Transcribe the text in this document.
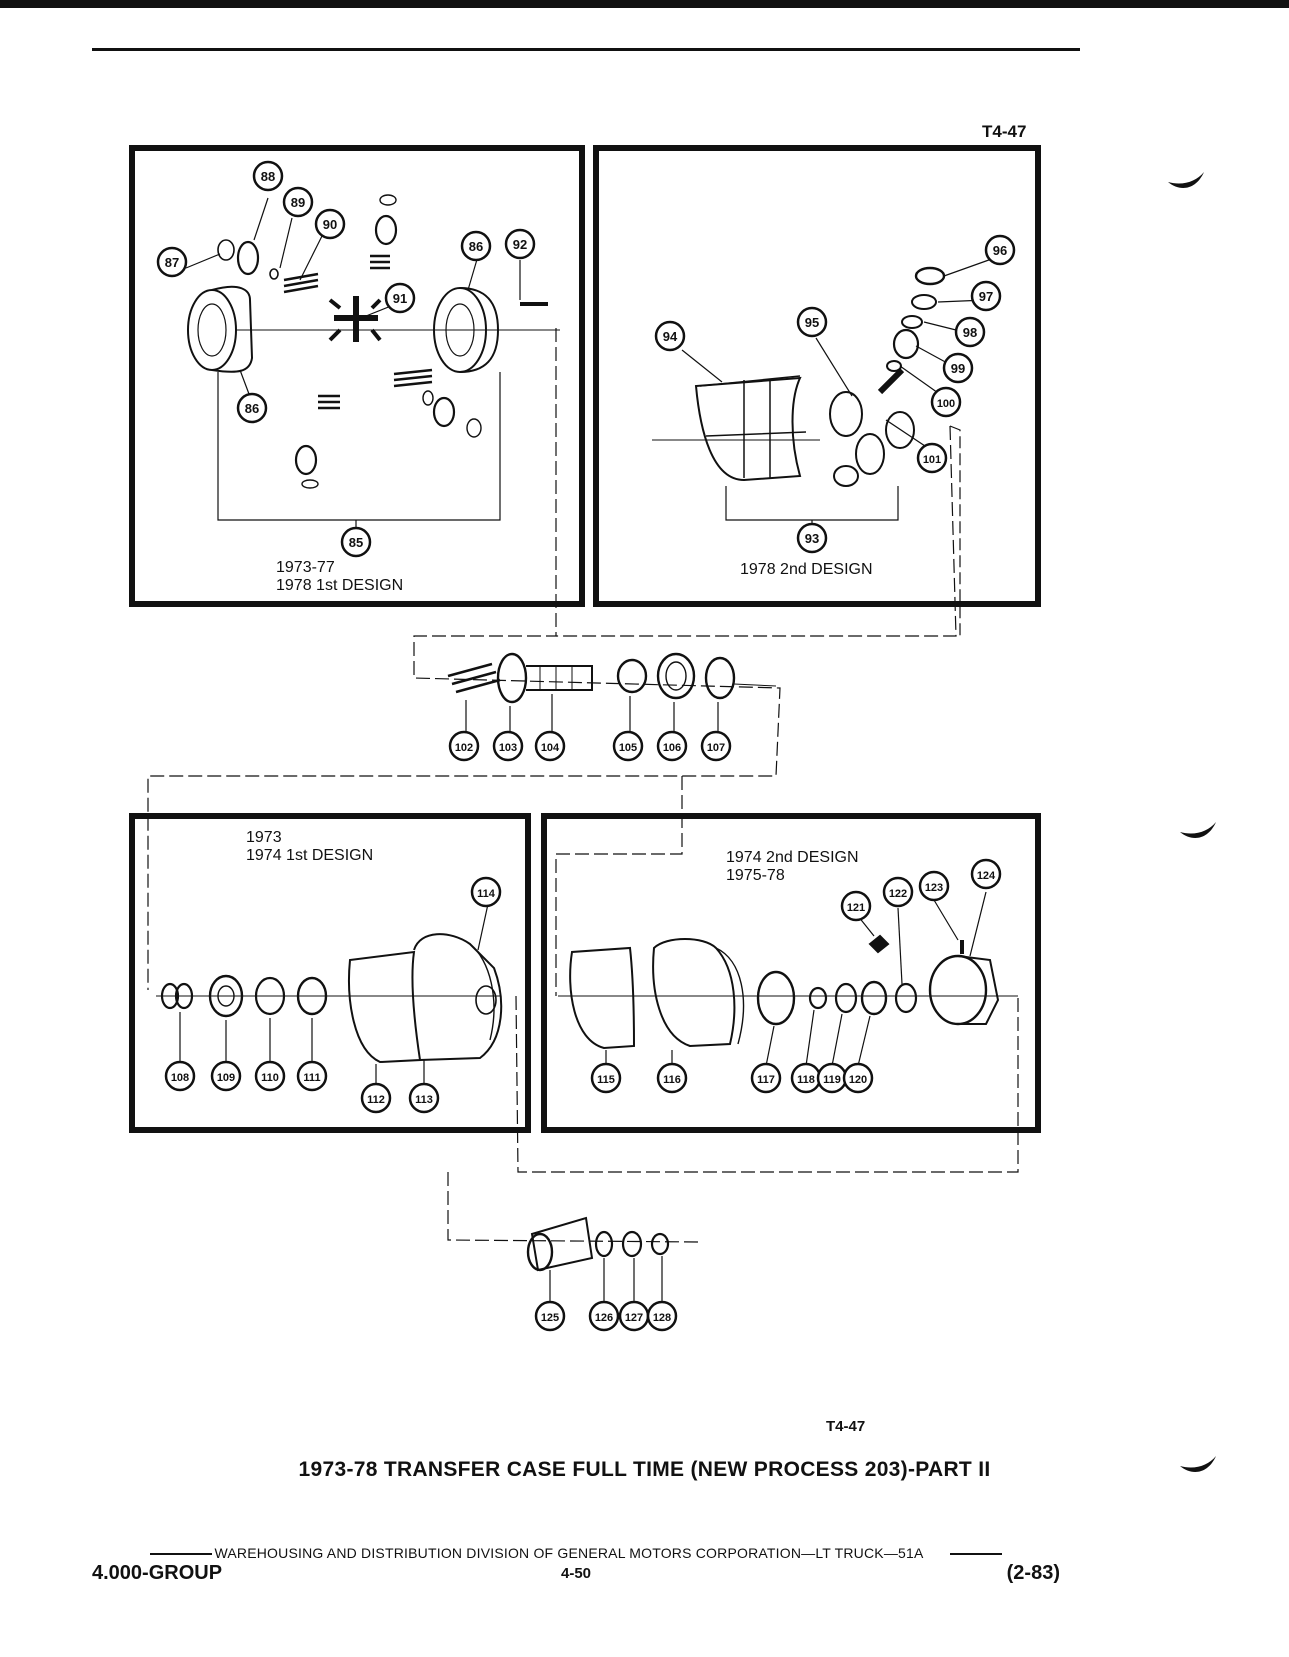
T4-47
1973-77
1978 1st DESIGN
1978 2nd DESIGN
1973
1974 1st DESIGN	1974 2nd DESIGN
1975-78
88
89
90
87
86 92
91
86
85
96
97
95
94	98
99
100
101
93
102 103 104	105 106 107
114
108	109 110 111
112	113
124
123
122
121
115	116	117 118 119 120
125	126 127 128
T4-47
1973-78 TRANSFER CASE FULL TIME (NEW PROCESS 203)-PART II
WAREHOUSING AND DISTRIBUTION DIVISION OF GENERAL MOTORS CORPORATION—LT TRUCK—51A
4.000-GROUP	4-50	(2-83)
